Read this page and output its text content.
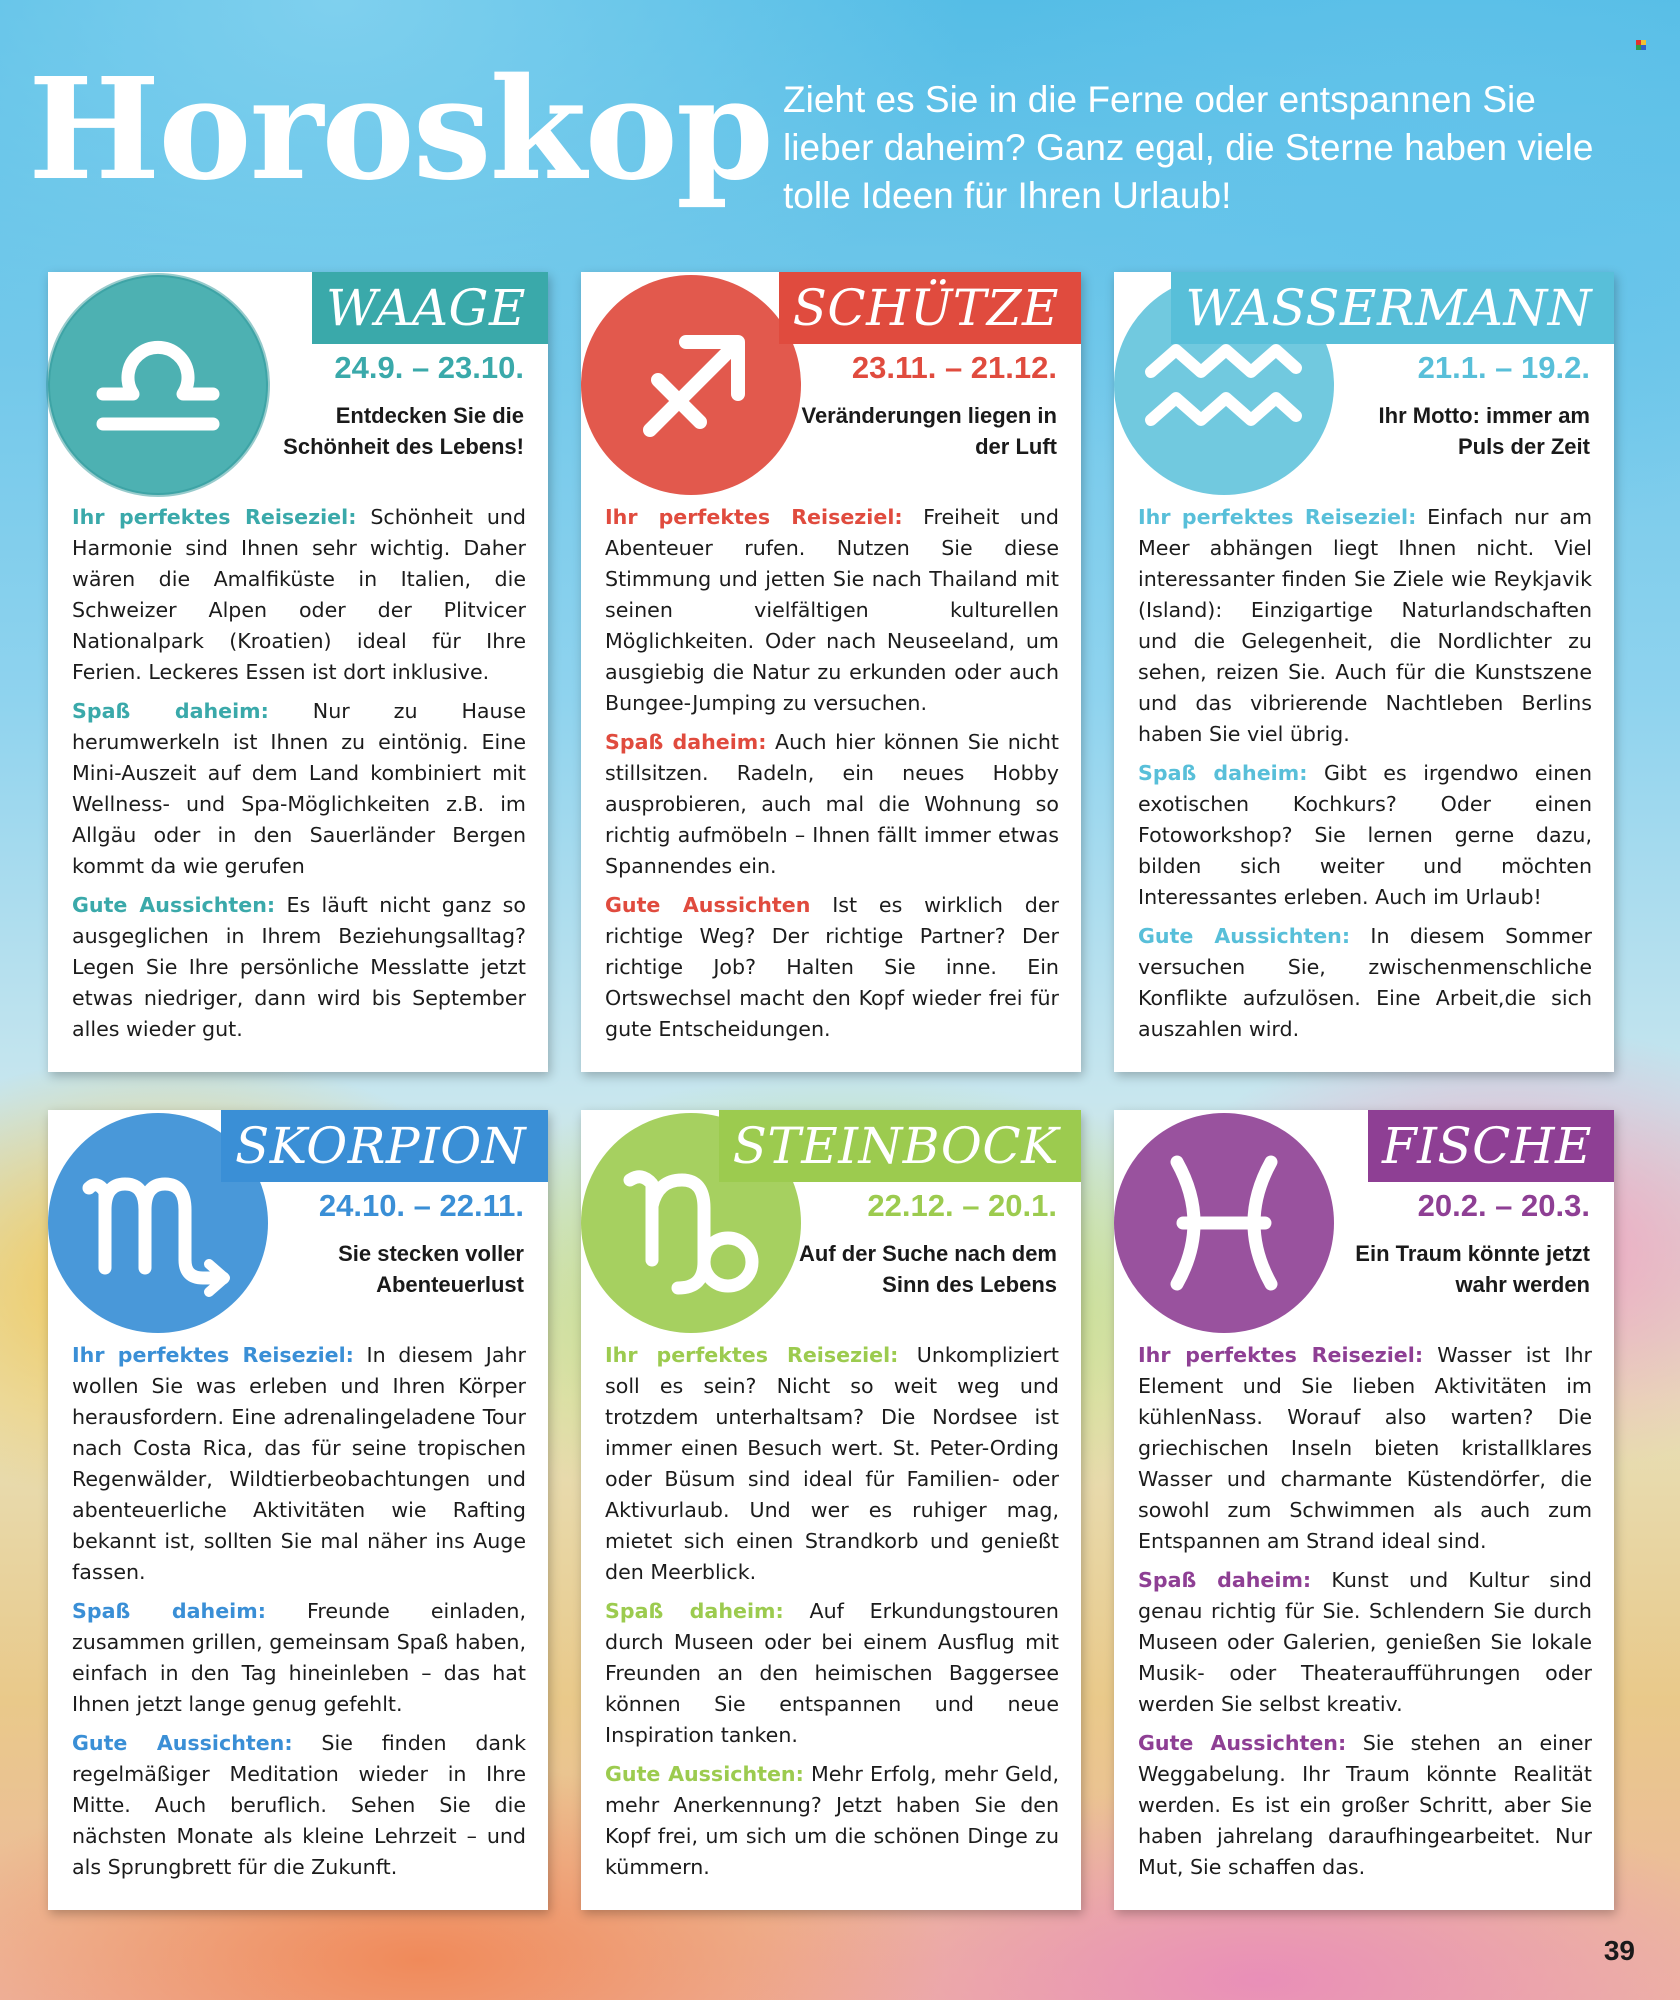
Horoskop Zieht es Sie in die Ferne oder entspannen Sie lieber daheim? Ganz egal, die Sterne haben viele tolle Ideen für Ihren Urlaub!
WAAGE
24.9. – 23.10.
Entdecken Sie die Schönheit des Lebens!

Ihr perfektes Reiseziel: Schönheit und Harmonie sind Ihnen sehr wichtig. Daher wären die Amalfiküste in Italien, die Schweizer Alpen oder der Plitvicer Nationalpark (Kroatien) ideal für Ihre Ferien. Leckeres Essen ist dort inklusive.

Spaß daheim: Nur zu Hause herumwerkeln ist Ihnen zu eintönig. Eine Mini-Auszeit auf dem Land kombiniert mit Wellness- und Spa-Möglichkeiten z.B. im Allgäu oder in den Sauerländer Bergen kommt da wie gerufen

Gute Aussichten: Es läuft nicht ganz so ausgeglichen in Ihrem Beziehungsalltag? Legen Sie Ihre persönliche Messlatte jetzt etwas niedriger, dann wird bis September alles wieder gut.

SCHÜTZE
23.11. – 21.12.
Veränderungen liegen in der Luft

Ihr perfektes Reiseziel: Freiheit und Abenteuer rufen. Nutzen Sie diese Stimmung und jetten Sie nach Thailand mit seinen vielfältigen kulturellen Möglichkeiten. Oder nach Neuseeland, um ausgiebig die Natur zu erkunden oder auch Bungee-Jumping zu versuchen.

Spaß daheim: Auch hier können Sie nicht stillsitzen. Radeln, ein neues Hobby ausprobieren, auch mal die Wohnung so richtig aufmöbeln – Ihnen fällt immer etwas Spannendes ein.

Gute Aussichten Ist es wirklich der richtige Weg? Der richtige Partner? Der richtige Job? Halten Sie inne. Ein Ortswechsel macht den Kopf wieder frei für gute Entscheidungen.

WASSERMANN
21.1. – 19.2.
Ihr Motto: immer am Puls der Zeit

Ihr perfektes Reiseziel: Einfach nur am Meer abhängen liegt Ihnen nicht. Viel interessanter finden Sie Ziele wie Reykjavik (Island): Einzigartige Naturlandschaften und die Gelegenheit, die Nordlichter zu sehen, reizen Sie. Auch für die Kunstszene und das vibrierende Nachtleben Berlins haben Sie viel übrig.

Spaß daheim: Gibt es irgendwo einen exotischen Kochkurs? Oder einen Fotoworkshop? Sie lernen gerne dazu, bilden sich weiter und möchten Interessantes erleben. Auch im Urlaub!

Gute Aussichten: In diesem Sommer versuchen Sie, zwischenmenschliche Konflikte aufzulösen. Eine Arbeit,die sich auszahlen wird.

SKORPION
24.10. – 22.11.
Sie stecken voller Abenteuerlust

Ihr perfektes Reiseziel: In diesem Jahr wollen Sie was erleben und Ihren Körper herausfordern. Eine adrenalingeladene Tour nach Costa Rica, das für seine tropischen Regenwälder, Wildtierbeobachtungen und abenteuerliche Aktivitäten wie Rafting bekannt ist, sollten Sie mal näher ins Auge fassen.

Spaß daheim: Freunde einladen, zusammen grillen, gemeinsam Spaß haben, einfach in den Tag hineinleben – das hat Ihnen jetzt lange genug gefehlt.

Gute Aussichten: Sie finden dank regelmäßiger Meditation wieder in Ihre Mitte. Auch beruflich. Sehen Sie die nächsten Monate als kleine Lehrzeit – und als Sprungbrett für die Zukunft.

STEINBOCK
22.12. – 20.1.
Auf der Suche nach dem Sinn des Lebens

Ihr perfektes Reiseziel: Unkompliziert soll es sein? Nicht so weit weg und trotzdem unterhaltsam? Die Nordsee ist immer einen Besuch wert. St. Peter-Ording oder Büsum sind ideal für Familien- oder Aktivurlaub. Und wer es ruhiger mag, mietet sich einen Strandkorb und genießt den Meerblick.

Spaß daheim: Auf Erkundungstouren durch Museen oder bei einem Ausflug mit Freunden an den heimischen Baggersee können Sie entspannen und neue Inspiration tanken.

Gute Aussichten: Mehr Erfolg, mehr Geld, mehr Anerkennung? Jetzt haben Sie den Kopf frei, um sich um die schönen Dinge zu kümmern.

FISCHE
20.2. – 20.3.
Ein Traum könnte jetzt wahr werden

Ihr perfektes Reiseziel: Wasser ist Ihr Element und Sie lieben Aktivitäten im kühlenNass. Worauf also warten? Die griechischen Inseln bieten kristallklares Wasser und charmante Küstendörfer, die sowohl zum Schwimmen als auch zum Entspannen am Strand ideal sind.

Spaß daheim: Kunst und Kultur sind genau richtig für Sie. Schlendern Sie durch Museen oder Galerien, genießen Sie lokale Musik- oder Theateraufführungen oder werden Sie selbst kreativ.

Gute Aussichten: Sie stehen an einer Weggabelung. Ihr Traum könnte Realität werden. Es ist ein großer Schritt, aber Sie haben jahrelang daraufhingearbeitet. Nur Mut, Sie schaffen das.

39
